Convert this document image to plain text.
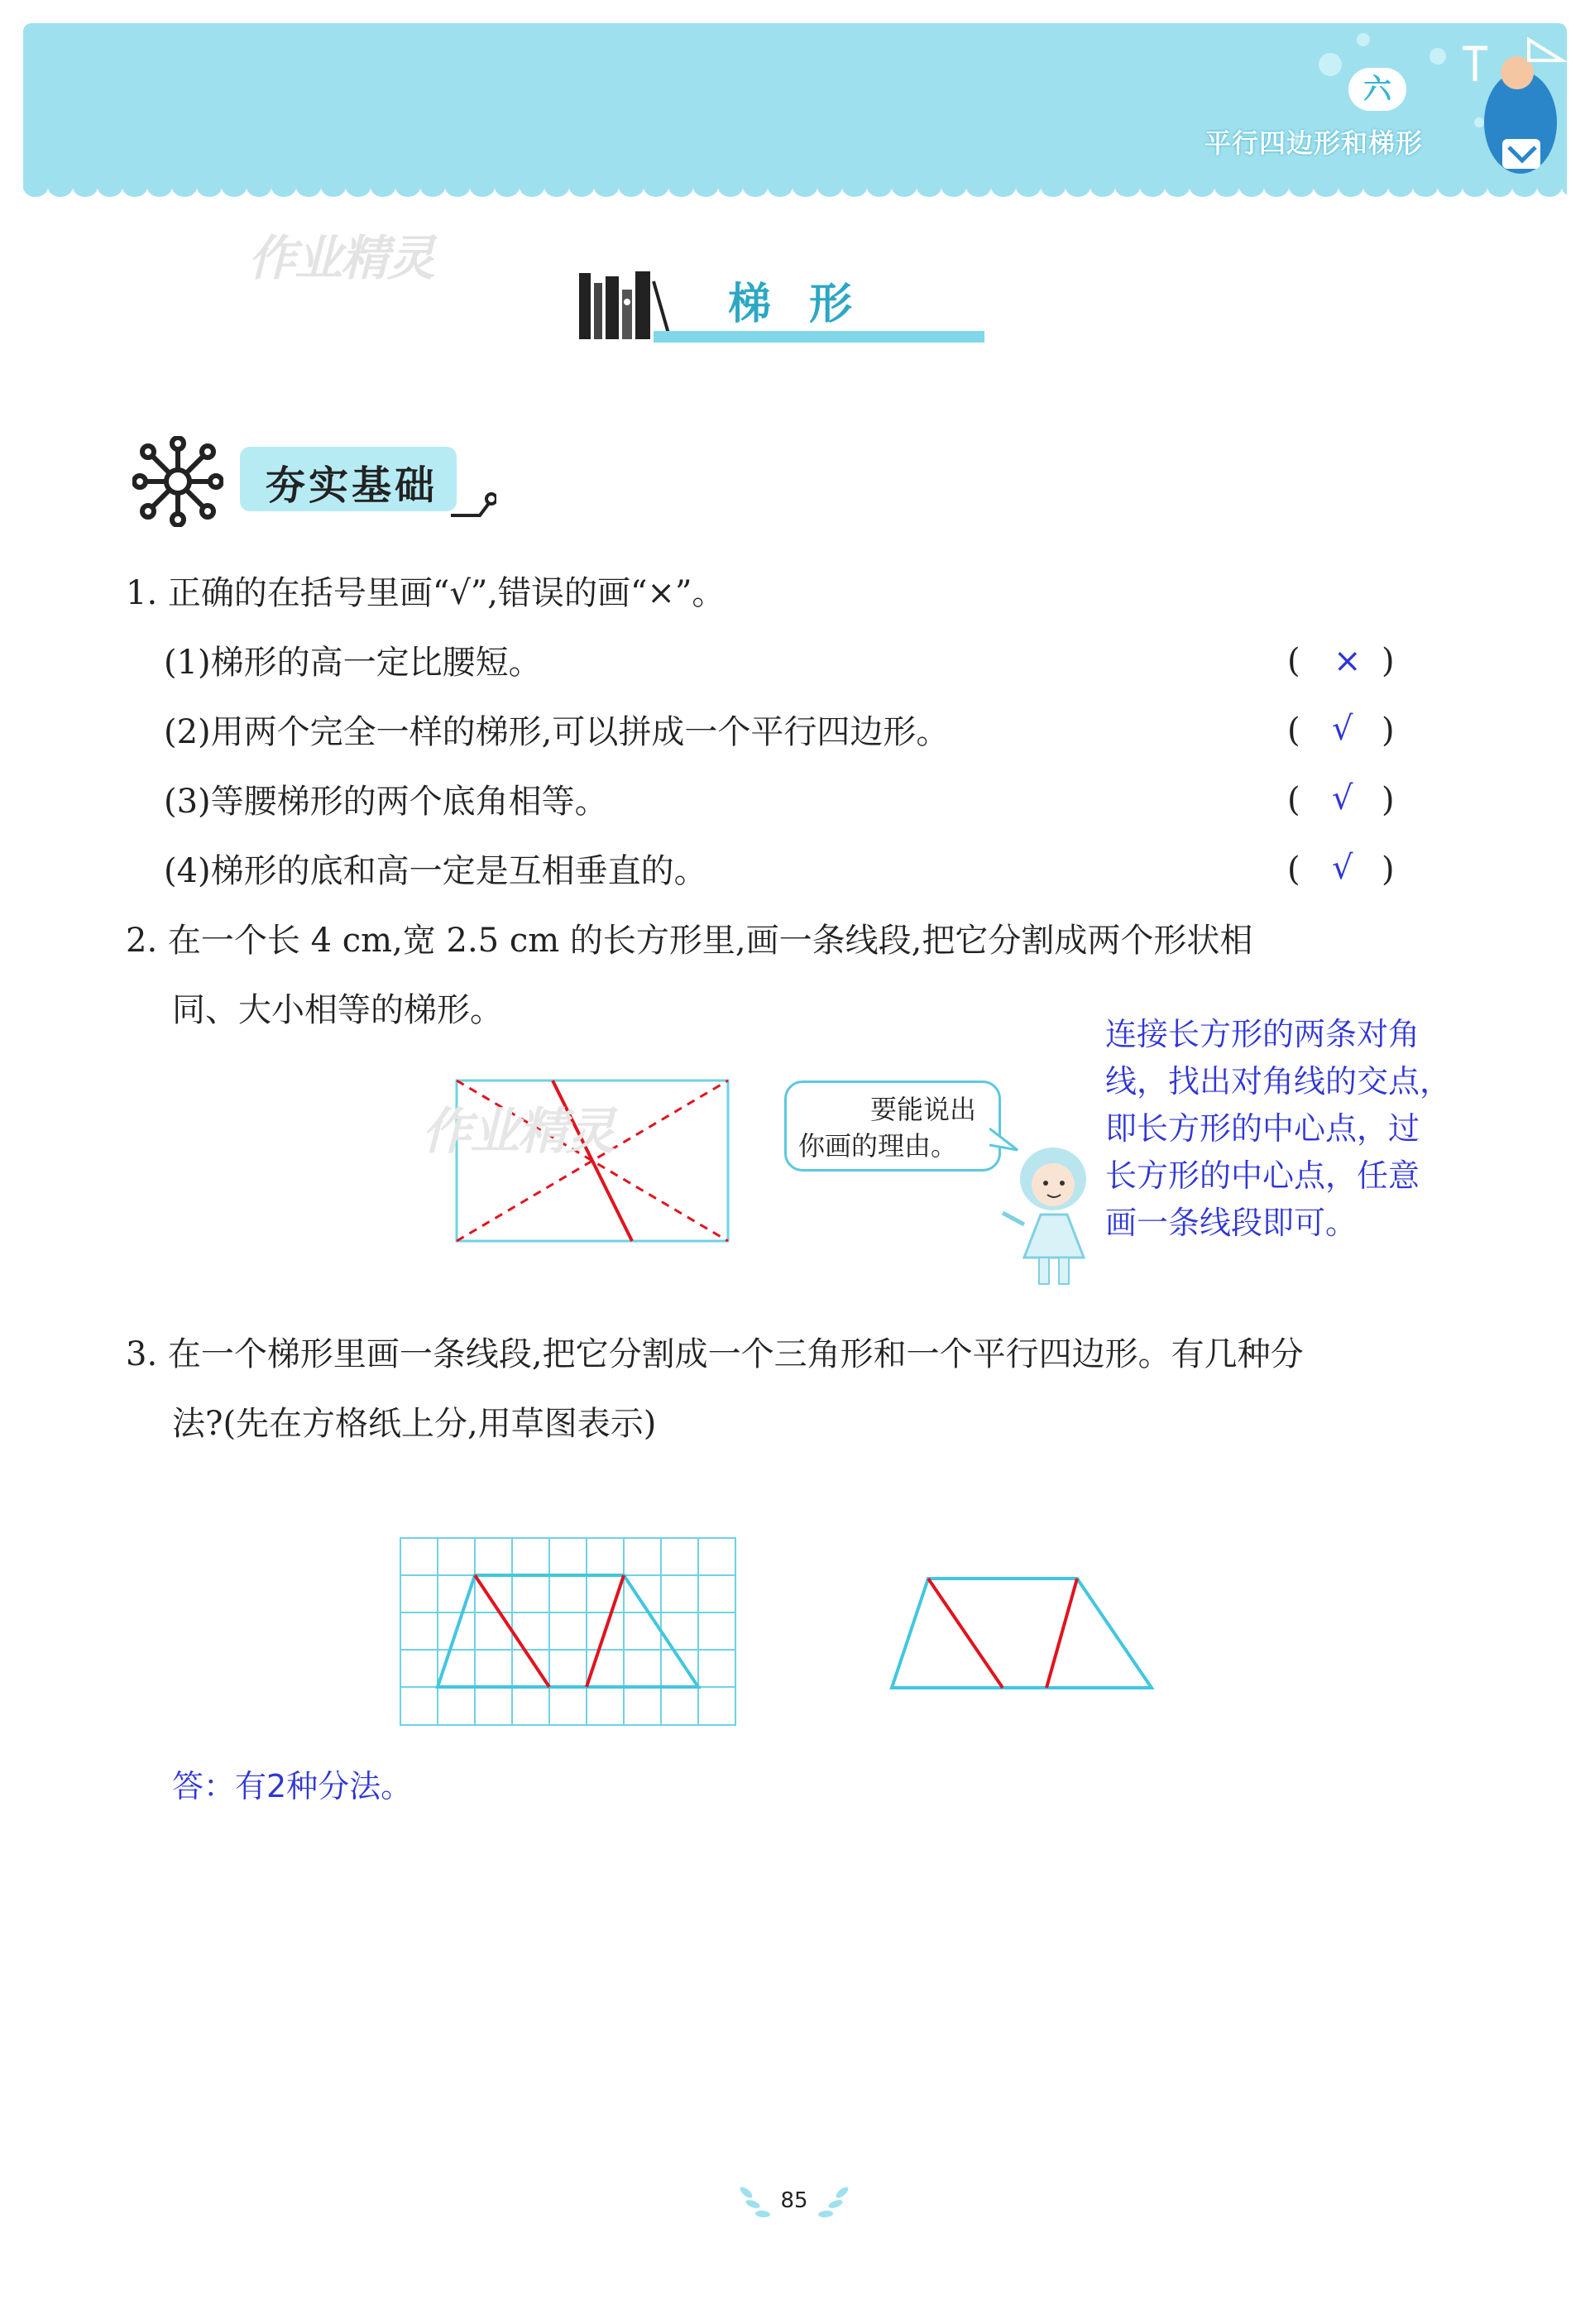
六
平行四边形和梯形
作业精灵
梯形
夯实基础
1. 正确的在括号里画“√”,错误的画“×”。
(1)梯形的高一定比腰短。	( × )
(2)用两个完全一样的梯形,可以拼成一个平行四边形。	( √ )
(3)等腰梯形的两个底角相等。	( √ )
(4)梯形的底和高一定是互相垂直的。	( √ )
2. 在一个长 4 cm,宽 2.5 cm 的长方形里,画一条线段,把它分割成两个形状相
同、大小相等的梯形。
作业精灵	要能说出
你画的理由。
连接长方形的两条对角
线，找出对角线的交点，
即长方形的中心点，过
长方形的中心点，任意
画一条线段即可。
3. 在一个梯形里画一条线段,把它分割成一个三角形和一个平行四边形。有几种分
法?(先在方格纸上分,用草图表示)
答：有2种分法。
85
